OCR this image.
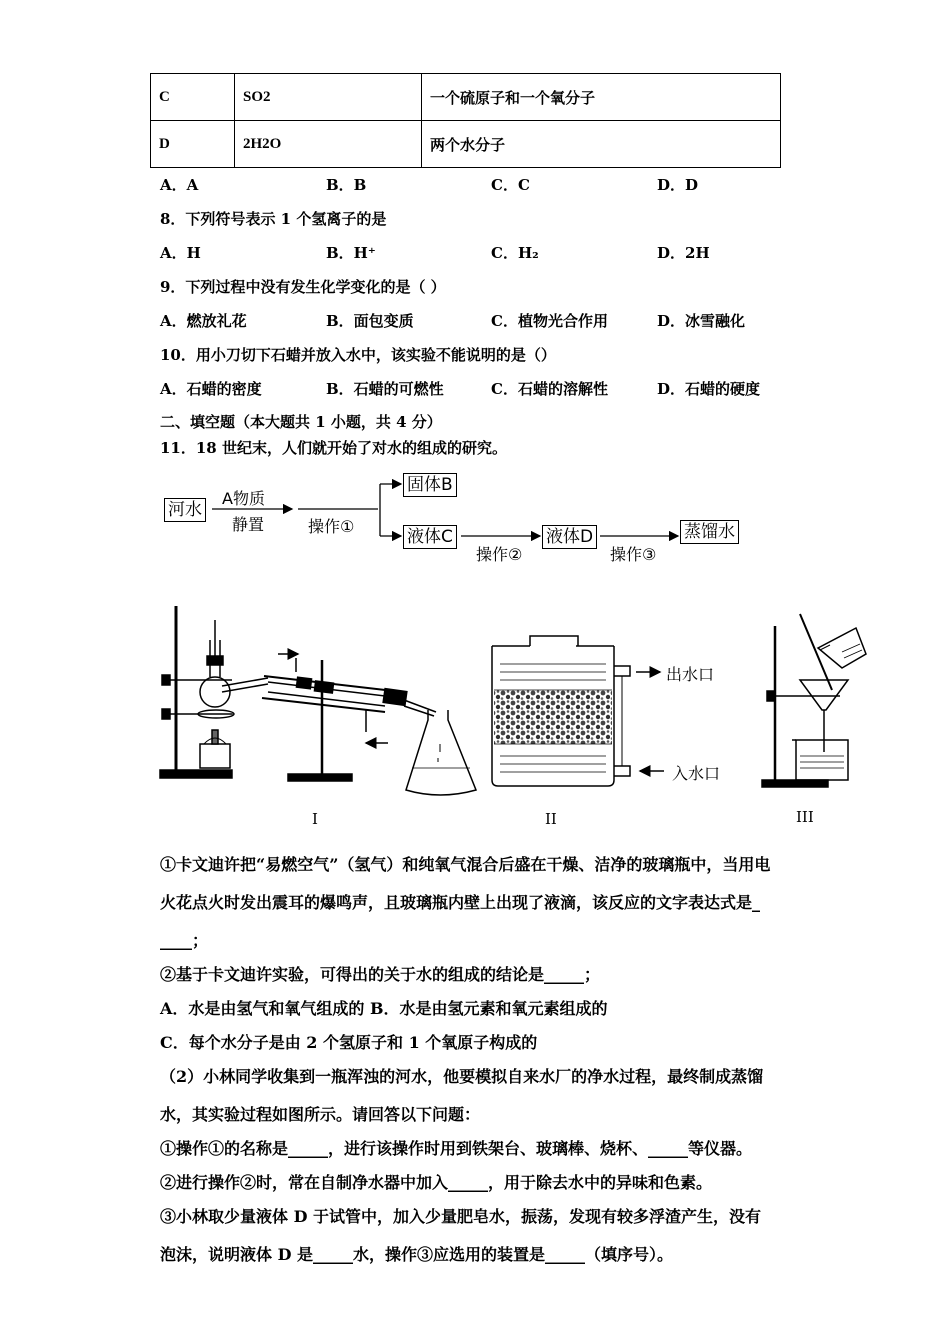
C	SO2	一个硫原子和一个氧分子
D	2H2O	两个水分子
A．A	B．B	C．C	D．D
8．下列符号表示 1 个氢离子的是
A．H	B．H⁺	C．H₂	D．2H
9．下列过程中没有发生化学变化的是（ ）
A．燃放礼花	B．面包变质	C．植物光合作用	D．冰雪融化
10．用小刀切下石蜡并放入水中，该实验不能说明的是（）
A．石蜡的密度	B．石蜡的可燃性	C．石蜡的溶解性	D．石蜡的硬度
二、填空题（本大题共 1 小题，共 4 分）
11．18 世纪末，人们就开始了对水的组成的研究。
河水
A物质
静置	操作①
固体B
液体C
操作②
液体D
操作③
蒸馏水
出水口
入水口
I	II	III
①卡文迪许把“易燃空气”（氢气）和纯氧气混合后盛在干燥、洁净的玻璃瓶中，当用电
火花点火时发出震耳的爆鸣声，且玻璃瓶内壁上出现了液滴，该反应的文字表达式是_
____；
②基于卡文迪许实验，可得出的关于水的组成的结论是_____；
A．水是由氢气和氧气组成的 B．水是由氢元素和氧元素组成的
C．每个水分子是由 2 个氢原子和 1 个氧原子构成的
（2）小林同学收集到一瓶浑浊的河水，他要模拟自来水厂的净水过程，最终制成蒸馏
水，其实验过程如图所示。请回答以下问题：
①操作①的名称是_____，进行该操作时用到铁架台、玻璃棒、烧杯、_____等仪器。
②进行操作②时，常在自制净水器中加入_____，用于除去水中的异味和色素。
③小林取少量液体 D 于试管中，加入少量肥皂水，振荡，发现有较多浮渣产生，没有
泡沫，说明液体 D 是_____水，操作③应选用的装置是_____（填序号）。
